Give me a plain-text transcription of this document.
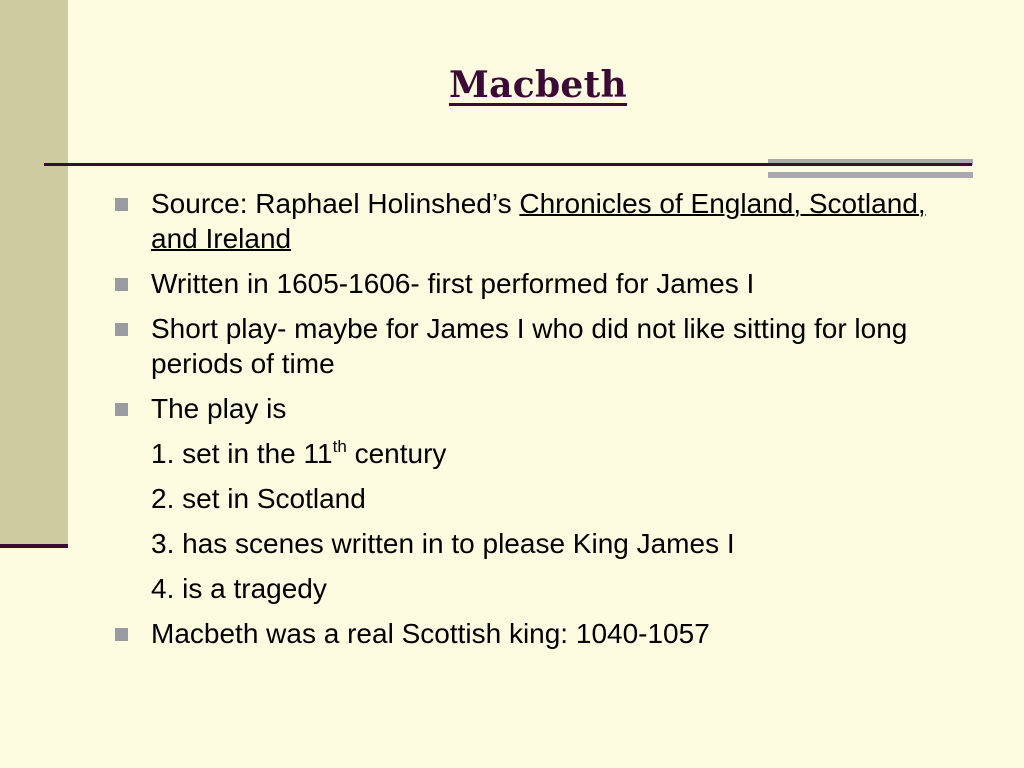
Macbeth
Source: Raphael Holinshed’s Chronicles of England, Scotland, and Ireland
Written in 1605-1606- first performed for James I
Short play- maybe for James I who did not like sitting for long periods of time
The play is
1. set in the 11th century
2. set in Scotland
3. has scenes written in to please King James I
4. is a tragedy
Macbeth was a real Scottish king: 1040-1057
